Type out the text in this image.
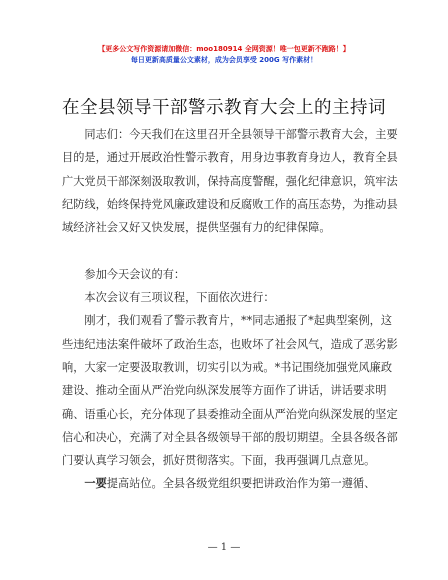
【更多公文写作资源请加微信：moo180914 全网资源！唯一包更新不跑路！】
每日更新高质量公文素材，成为会员享受 200G 写作素材！
在全县领导干部警示教育大会上的主持词

同志们：今天我们在这里召开全县领导干部警示教育大会，主要目的是，通过开展政治性警示教育，用身边事教育身边人，教育全县广大党员干部深刻汲取教训，保持高度警醒，强化纪律意识，筑牢法纪防线，始终保持党风廉政建设和反腐败工作的高压态势，为推动县域经济社会又好又快发展，提供坚强有力的纪律保障。

参加今天会议的有：

本次会议有三项议程，下面依次进行：

刚才，我们观看了警示教育片，**同志通报了*起典型案例，这些违纪违法案件破坏了政治生态，也败坏了社会风气，造成了恶劣影响，大家一定要汲取教训，切实引以为戒。*书记围绕加强党风廉政建设、推动全面从严治党向纵深发展等方面作了讲话，讲话要求明确、语重心长，充分体现了县委推动全面从严治党向纵深发展的坚定信心和决心，充满了对全县各级领导干部的殷切期望。全县各级各部门要认真学习领会，抓好贯彻落实。下面，我再强调几点意见。

一要提高站位。全县各级党组织要把讲政治作为第一遵循、

— 1 —
